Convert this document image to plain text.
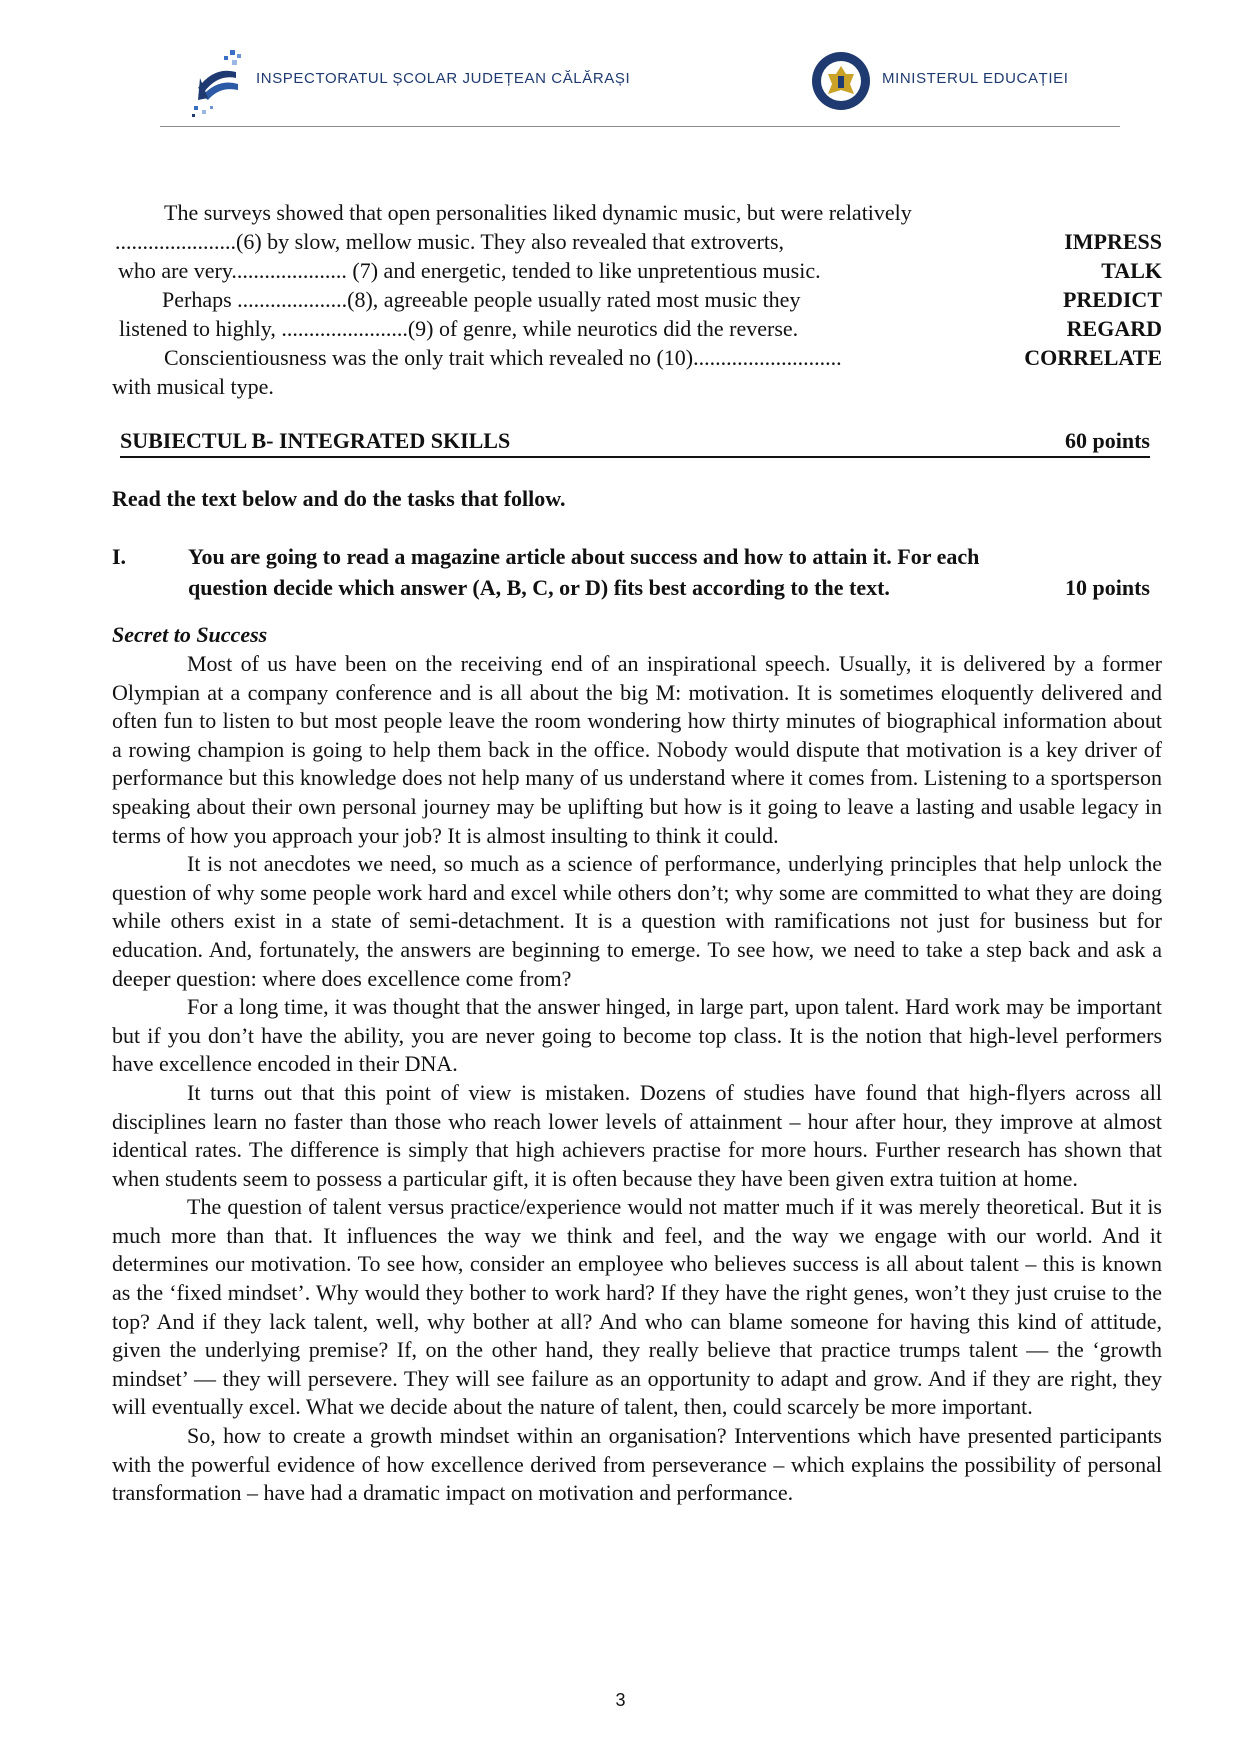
INSPECTORATUL ȘCOLAR JUDEȚEAN CĂLĂRAȘI	MINISTERUL EDUCAȚIEI
The surveys showed that open personalities liked dynamic music, but were relatively
......................(6) by slow, mellow music. They also revealed that extroverts,	IMPRESS
who are very..................... (7) and energetic, tended to like unpretentious music.	TALK
Perhaps ....................(8), agreeable people usually rated most music they	PREDICT
listened to highly, .......................(9) of genre, while neurotics did the reverse.	REGARD
Conscientiousness was the only trait which revealed no (10)...........................	CORRELATE
with musical type.
SUBIECTUL B- INTEGRATED SKILLS	60 points
Read the text below and do the tasks that follow.
I.	You are going to read a magazine article about success and how to attain it. For each
question decide which answer (A, B, C, or D) fits best according to the text.	10 points
Secret to Success

Most of us have been on the receiving end of an inspirational speech. Usually, it is delivered by a former Olympian at a company conference and is all about the big M: motivation. It is sometimes eloquently delivered and often fun to listen to but most people leave the room wondering how thirty minutes of biographical information about a rowing champion is going to help them back in the office. Nobody would dispute that motivation is a key driver of performance but this knowledge does not help many of us understand where it comes from. Listening to a sportsperson speaking about their own personal journey may be uplifting but how is it going to leave a lasting and usable legacy in terms of how you approach your job? It is almost insulting to think it could.

It is not anecdotes we need, so much as a science of performance, underlying principles that help unlock the question of why some people work hard and excel while others don’t; why some are committed to what they are doing while others exist in a state of semi-detachment. It is a question with ramifications not just for business but for education. And, fortunately, the answers are beginning to emerge. To see how, we need to take a step back and ask a deeper question: where does excellence come from?

For a long time, it was thought that the answer hinged, in large part, upon talent. Hard work may be important but if you don’t have the ability, you are never going to become top class. It is the notion that high-level performers have excellence encoded in their DNA.

It turns out that this point of view is mistaken. Dozens of studies have found that high-flyers across all disciplines learn no faster than those who reach lower levels of attainment – hour after hour, they improve at almost identical rates. The difference is simply that high achievers practise for more hours. Further research has shown that when students seem to possess a particular gift, it is often because they have been given extra tuition at home.

The question of talent versus practice/experience would not matter much if it was merely theoretical. But it is much more than that. It influences the way we think and feel, and the way we engage with our world. And it determines our motivation. To see how, consider an employee who believes success is all about talent – this is known as the ‘fixed mindset’. Why would they bother to work hard? If they have the right genes, won’t they just cruise to the top? And if they lack talent, well, why bother at all? And who can blame someone for having this kind of attitude, given the underlying premise? If, on the other hand, they really believe that practice trumps talent — the ‘growth mindset’ — they will persevere. They will see failure as an opportunity to adapt and grow. And if they are right, they will eventually excel. What we decide about the nature of talent, then, could scarcely be more important.

So, how to create a growth mindset within an organisation? Interventions which have presented participants with the powerful evidence of how excellence derived from perseverance – which explains the possibility of personal transformation – have had a dramatic impact on motivation and performance.

3
